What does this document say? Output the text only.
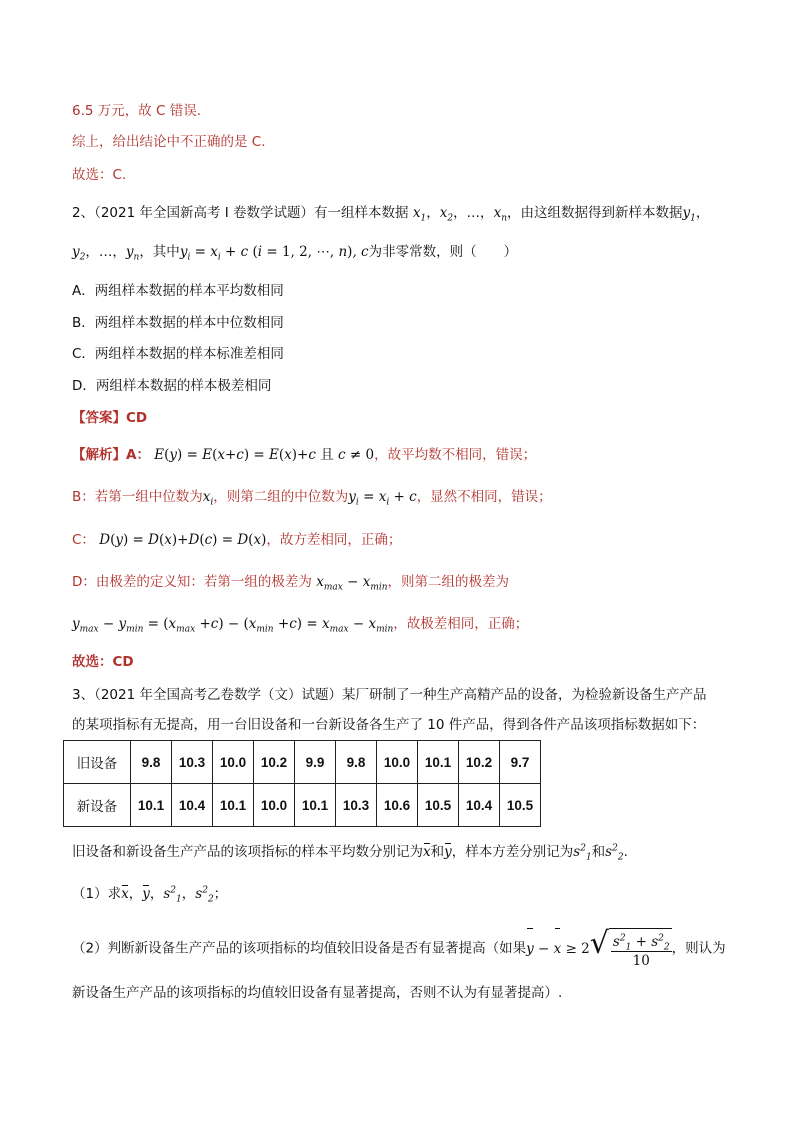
6.5 万元，故 C 错误.
综上，给出结论中不正确的是 C.
故选：C.
2、（2021 年全国新高考 I 卷数学试题）有一组样本数据 $x_1$，$x_2$，…，$x_n$，由这组数据得到新样本数据$y_1$，
$y_2$，…，$y_n$，其中$y_i = x_i + c$ (i = 1, 2, ⋯, n), c为非零常数，则（　　）
A．两组样本数据的样本平均数相同
B．两组样本数据的样本中位数相同
C．两组样本数据的样本标准差相同
D．两组样本数据的样本极差相同
【答案】CD
【解析】A： E(y) = E(x+c) = E(x)+c 且 c ≠ 0，故平均数不相同，错误；
B：若第一组中位数为$x_i$，则第二组的中位数为$y_i = x_i + c$，显然不相同，错误；
C： D(y) = D(x)+D(c) = D(x)，故方差相同，正确；
D：由极差的定义知：若第一组的极差为 $x_{max} - x_{min}$，则第二组的极差为
$y_{max} - y_{min} = (x_{max} +c) - (x_{min} +c) = x_{max} - x_{min}$，故极差相同，正确；
故选：CD
3、（2021 年全国高考乙卷数学（文）试题）某厂研制了一种生产高精产品的设备，为检验新设备生产产品
的某项指标有无提高，用一台旧设备和一台新设备各生产了 10 件产品，得到各件产品该项指标数据如下：
旧设备	9.8	10.3	10.0	10.2	9.9	9.8	10.0	10.1	10.2	9.7
新设备	10.1	10.4	10.1	10.0	10.1	10.3	10.6	10.5	10.4	10.5
旧设备和新设备生产产品的该项指标的样本平均数分别记为x和y，样本方差分别记为$s^2_1$和$s^2_2$.
（1）求x，y，$s^2_1$，$s^2_2$；
（2）判断新设备生产产品的该项指标的均值较旧设备是否有显著提高（如果y − x ≥ 2 √ $\frac{s^2_1 + s^2_2}{10}$ ，则认为
新设备生产产品的该项指标的均值较旧设备有显著提高，否则不认为有显著提高）.
